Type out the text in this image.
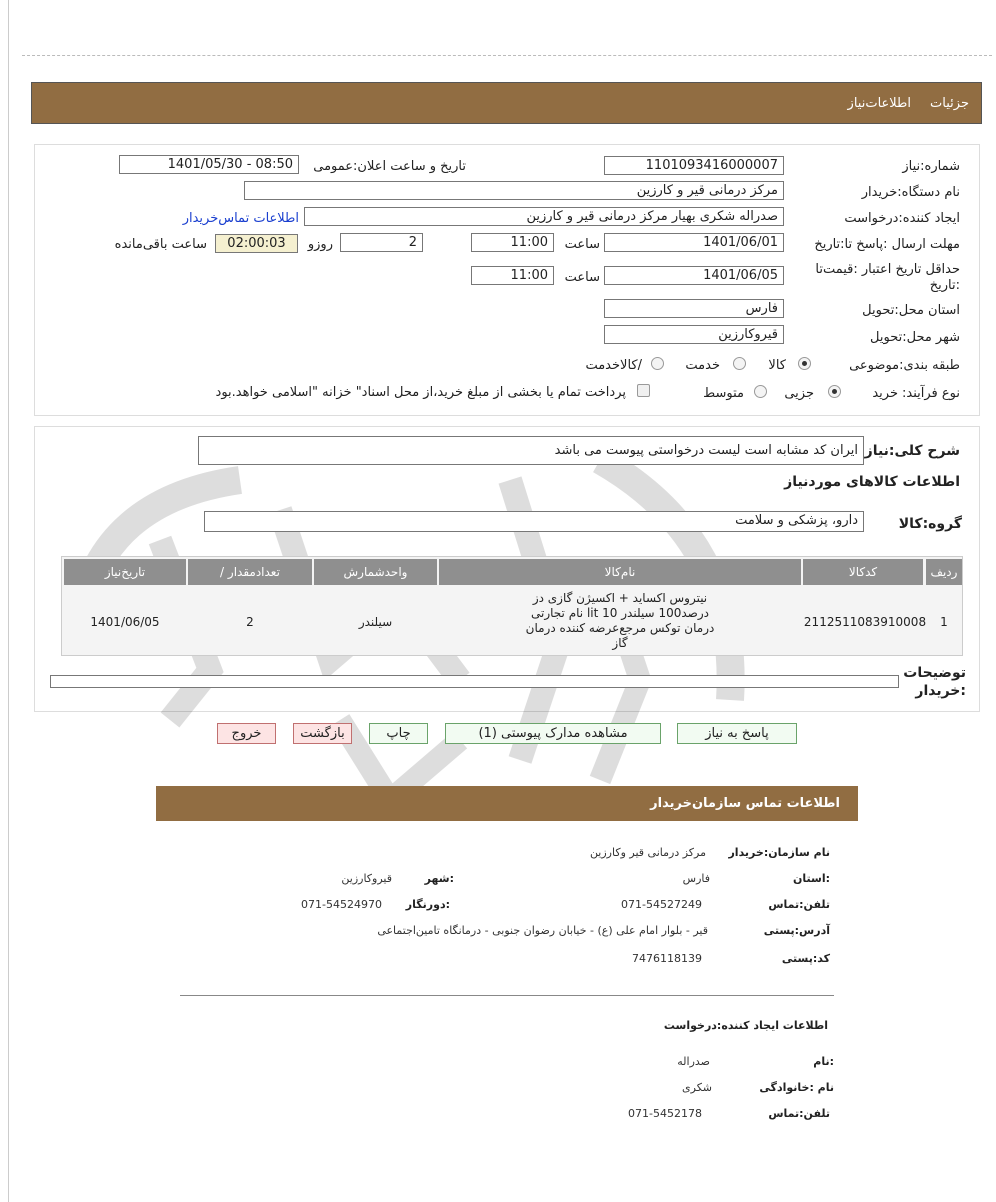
جزئیات
اطلاعات‌نیاز
شماره:نیاز
1101093416000007
تاریخ و ساعت اعلان:عمومی
1401/05/30 - 08:50
نام دستگاه:خریدار
مرکز درمانی قیر و کارزین
ایجاد کننده:درخواست
صدراله شکری بهیار مرکز درمانی قیر و کارزین
اطلاعات تماس‌خریدار
مهلت ارسال :پاسخ تا:تاریخ
1401/06/01
ساعت
11:00
2
روزو
02:00:03
ساعت باقی‌مانده
حداقل تاریخ اعتبار :قیمت‌تا
:تاریخ
1401/06/05
ساعت
11:00
استان محل:تحویل
فارس
شهر محل:تحویل
قیروکارزین
طبقه بندی:موضوعی
کالا
خدمت
/کالاخدمت
نوع فرآیند:
خرید
جزیی
متوسط
پرداخت تمام یا بخشی از مبلغ خرید،از محل اسناد" خزانه "اسلامی خواهد.بود
شرح کلی:نیاز
ایران کد مشابه است لیست درخواستی پیوست می باشد
اطلاعات کالاهای موردنیاز
گروه:کالا
دارو، پزشکی و سلامت
ردیف
کدکالا
نام‌کالا
واحدشمارش
/ تعدادمقدار
تاریخ‌نیاز
1
2112511083910008
نیتروس اکساید + اکسیژن گازی دز
درصد100 سیلندر 10 lit نام تجارتی
درمان توکس مرجع‌عرضه کننده درمان
گاز
سیلندر
2
1401/06/05
توضیحات
:خریدار
پاسخ به نیاز
مشاهده مدارک پیوستی (1)
چاپ
بازگشت
خروج
اطلاعات تماس سازمان‌خریدار
نام سازمان:خریدار
مرکز درمانی قیر وکارزین
:استان
فارس
:شهر
قیروکارزین
تلفن:تماس
071-54527249
:دورنگار
071-54524970
آدرس:پستی
قیر - بلوار امام علی (ع) - خیابان رضوان جنوبی - درمانگاه تامین‌اجتماعی
کد:پستی
7476118139
اطلاعات ایجاد کننده:درخواست
:نام
صدراله
نام :خانوادگی
شکری
تلفن:تماس
071-5452178
